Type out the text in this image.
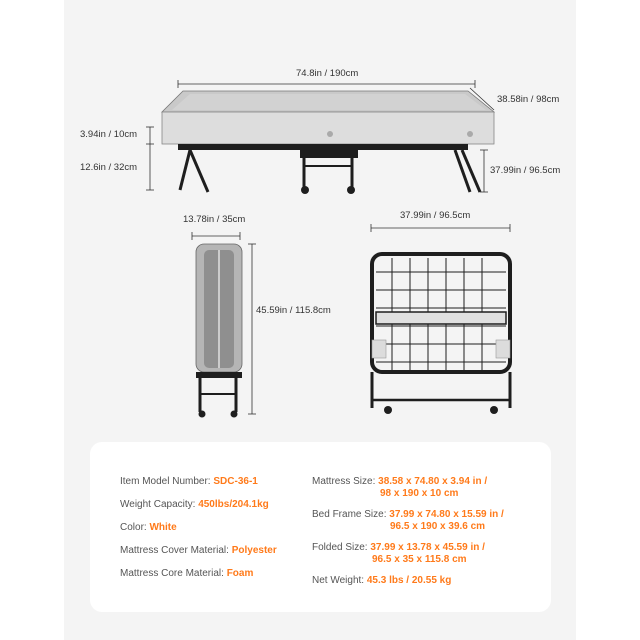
74.8in / 190cm
38.58in / 98cm
3.94in / 10cm
12.6in / 32cm	37.99in / 96.5cm
13.78in / 35cm
45.59in / 115.8cm
37.99in / 96.5cm
Item Model Number: SDC-36-1
Weight Capacity: 450lbs/204.1kg
Color: White
Mattress Cover Material: Polyester
Mattress Core Material: Foam
Mattress Size: 38.58 x 74.80 x 3.94 in /
98 x 190 x 10 cm
Bed Frame Size: 37.99 x 74.80 x 15.59 in /
96.5 x 190 x 39.6 cm
Folded Size: 37.99 x 13.78 x 45.59 in /
96.5 x 35 x 115.8 cm
Net Weight: 45.3 lbs / 20.55 kg
